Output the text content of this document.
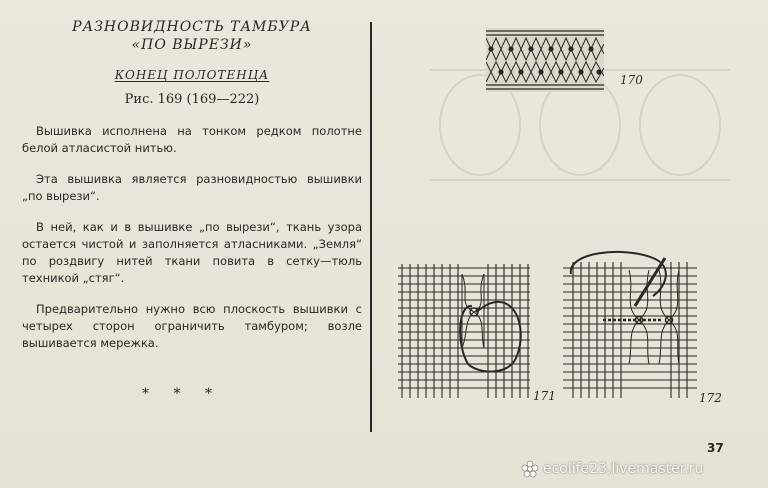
РАЗНОВИДНОСТЬ ТАМБУРА
«ПО ВЫРЕЗИ»

КОНЕЦ ПОЛОТЕНЦА
Рис. 169 (169—222)

Вышивка исполнена на тонком редком полотне белой атласистой нитью.

Эта вышивка является разновидностью вышивки „по вырези“.

В ней, как и в вышивке „по вырези“, ткань узора остается чистой и заполняется атласниками. „Земля“ по роздвигу нитей ткани повита в сетку—тюль техникой „стяг“.

Предварительно нужно всю плоскость вышивки с четырех сторон ограничить тамбуром; возле вышивается мережка.

* * *
170
171	172
37
ecolife23.livemaster.ru
